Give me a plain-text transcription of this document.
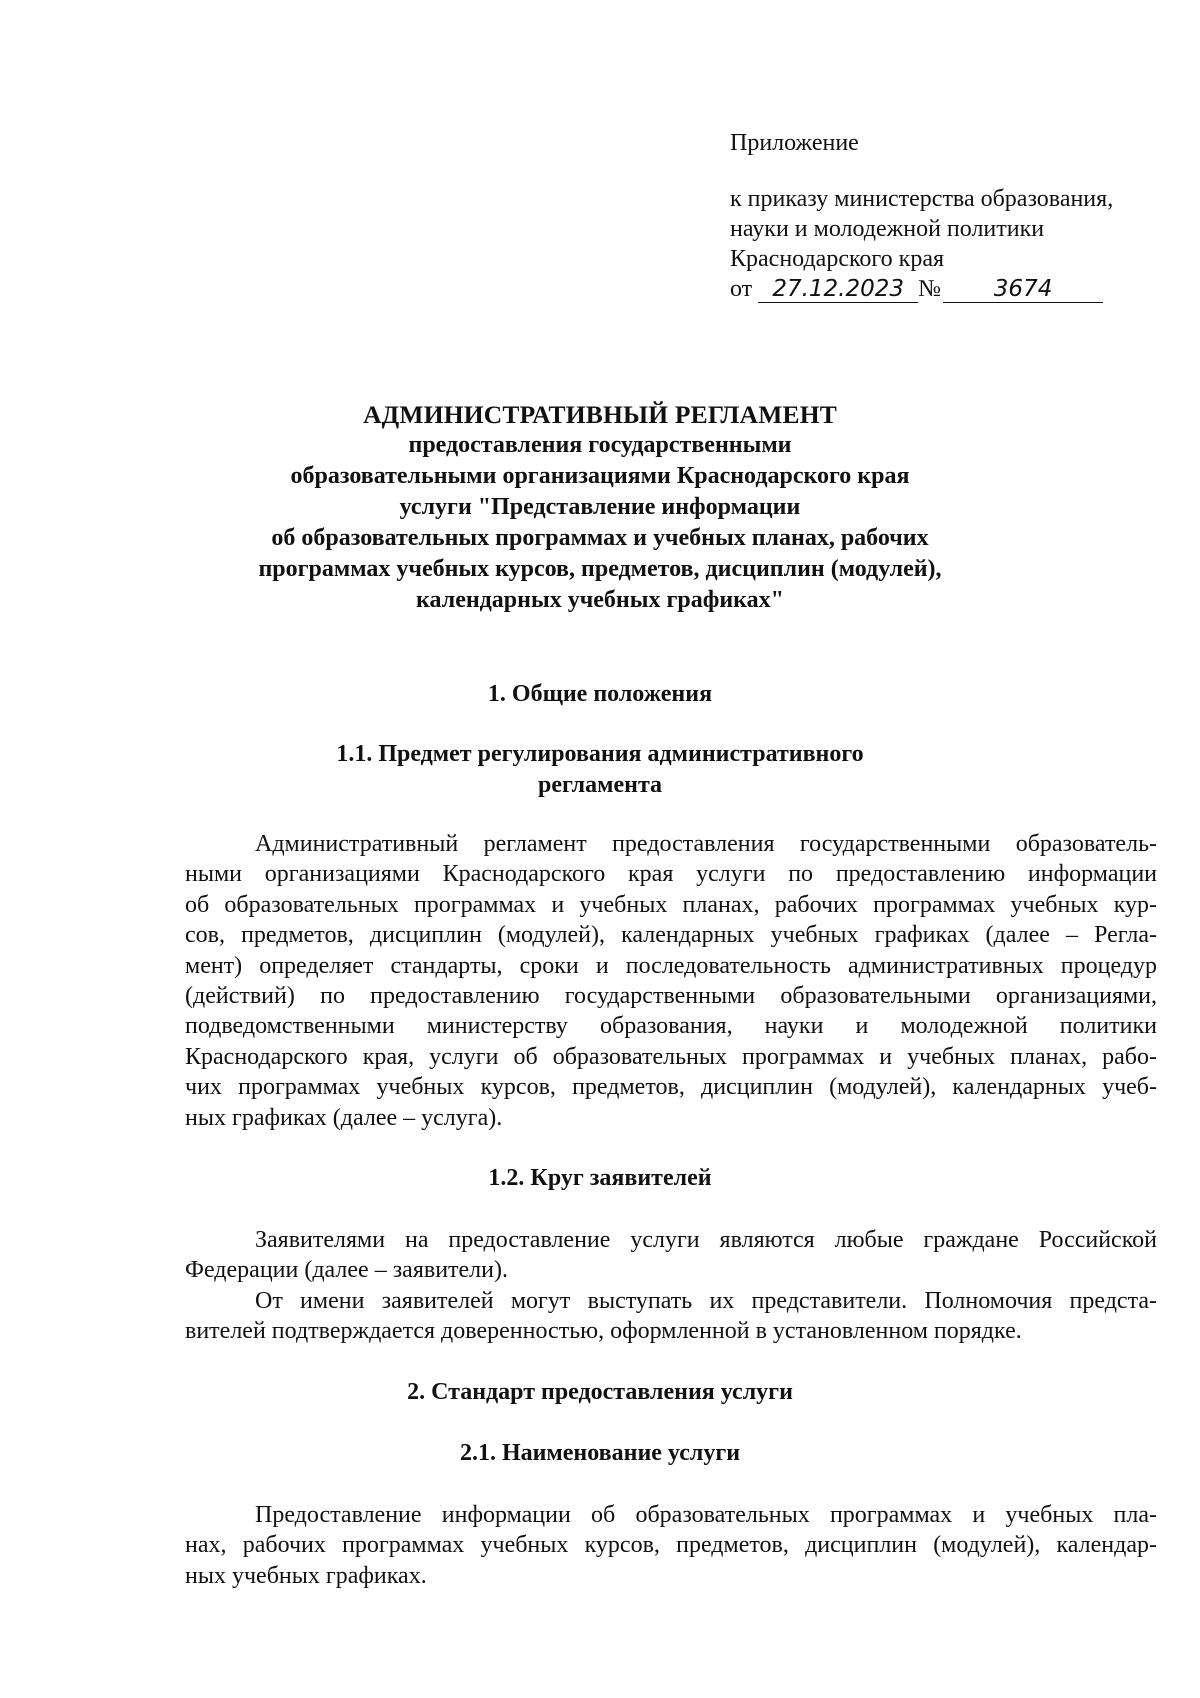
Приложение
к приказу министерства образования,
науки и молодежной политики
Краснодарского края
от 27.12.2023 №	3674
АДМИНИСТРАТИВНЫЙ РЕГЛАМЕНТ
предоставления государственными
образовательными организациями Краснодарского края
услуги "Представление информации
об образовательных программах и учебных планах, рабочих
программах учебных курсов, предметов, дисциплин (модулей),
календарных учебных графиках"
1. Общие положения
1.1. Предмет регулирования административного
регламента
Административный регламент предоставления государственными образователь-
ными организациями Краснодарского края услуги по предоставлению информации
об образовательных программах и учебных планах, рабочих программах учебных кур-
сов, предметов, дисциплин (модулей), календарных учебных графиках (далее – Регла-
мент) определяет стандарты, сроки и последовательность административных процедур
(действий) по предоставлению государственными образовательными организациями,
подведомственными министерству образования, науки и молодежной политики
Краснодарского края, услуги об образовательных программах и учебных планах, рабо-
чих программах учебных курсов, предметов, дисциплин (модулей), календарных учеб-
ных графиках (далее – услуга).
1.2. Круг заявителей
Заявителями на предоставление услуги являются любые граждане Российской
Федерации (далее – заявители).
От имени заявителей могут выступать их представители. Полномочия предста-
вителей подтверждается доверенностью, оформленной в установленном порядке.
2. Стандарт предоставления услуги
2.1. Наименование услуги
Предоставление информации об образовательных программах и учебных пла-
нах, рабочих программах учебных курсов, предметов, дисциплин (модулей), календар-
ных учебных графиках.
